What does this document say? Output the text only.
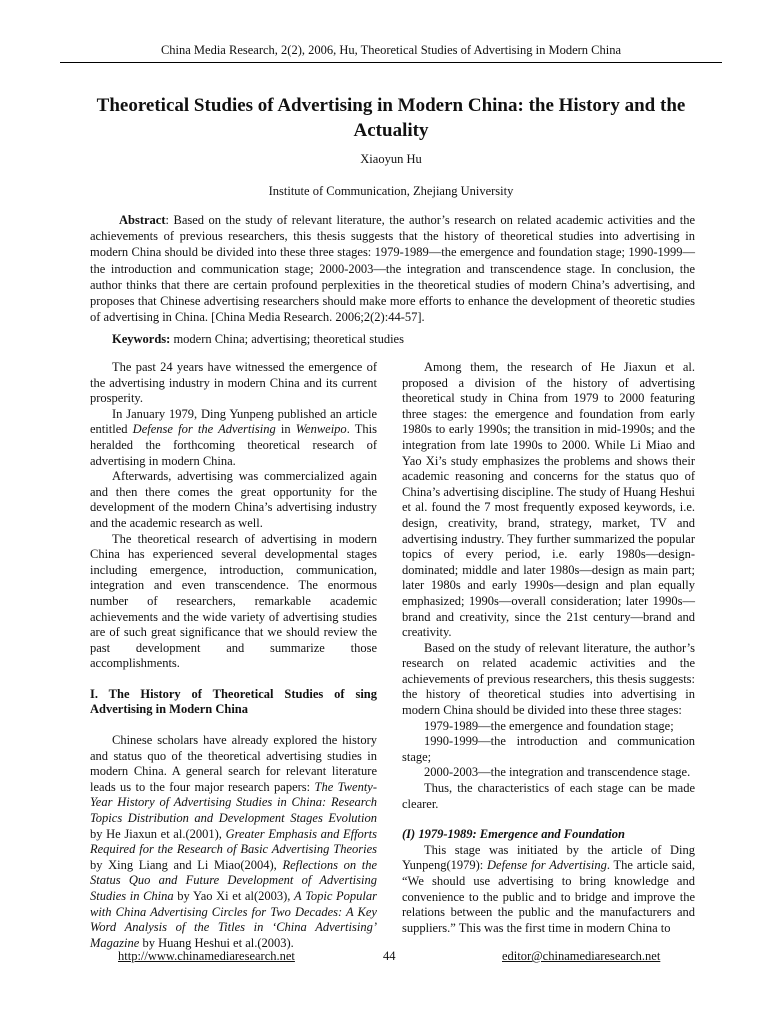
China Media Research, 2(2), 2006, Hu, Theoretical Studies of Advertising in Modern China
Theoretical Studies of Advertising in Modern China: the History and the Actuality
Xiaoyun Hu
Institute of Communication, Zhejiang University

Abstract: Based on the study of relevant literature, the author’s research on related academic activities and the achievements of previous researchers, this thesis suggests that the history of theoretical studies into advertising in modern China should be divided into these three stages: 1979-1989—the emergence and foundation stage; 1990-1999—the introduction and communication stage; 2000-2003—the integration and transcendence stage. In conclusion, the author thinks that there are certain profound perplexities in the theoretical studies of modern China’s advertising, and proposes that Chinese advertising researchers should make more efforts to enhance the development of theoretic studies of advertising in China. [China Media Research. 2006;2(2):44-57].

Keywords: modern China; advertising; theoretical studies

The past 24 years have witnessed the emergence of the advertising industry in modern China and its current prosperity.

In January 1979, Ding Yunpeng published an article entitled Defense for the Advertising in Wenweipo. This heralded the forthcoming theoretical research of advertising in modern China.

Afterwards, advertising was commercialized again and then there comes the great opportunity for the development of the modern China’s advertising industry and the academic research as well.

The theoretical research of advertising in modern China has experienced several developmental stages including emergence, introduction, communication, integration and even transcendence. The enormous number of researchers, remarkable academic achievements and the wide variety of advertising studies are of such great significance that we should review the past development and summarize those accomplishments.

I. The History of Theoretical Studies of sing Advertising in Modern China

Chinese scholars have already explored the history and status quo of the theoretical advertising studies in modern China. A general search for relevant literature leads us to the four major research papers: The Twenty-Year History of Advertising Studies in China: Research Topics Distribution and Development Stages Evolution by He Jiaxun et al.(2001), Greater Emphasis and Efforts Required for the Research of Basic Advertising Theories by Xing Liang and Li Miao(2004), Reflections on the Status Quo and Future Development of Advertising Studies in China by Yao Xi et al(2003), A Topic Popular with China Advertising Circles for Two Decades: A Key Word Analysis of the Titles in ‘China Advertising’ Magazine by Huang Heshui et al.(2003).

Among them, the research of He Jiaxun et al. proposed a division of the history of advertising theoretical study in China from 1979 to 2000 featuring three stages: the emergence and foundation from early 1980s to early 1990s; the transition in mid-1990s; and the integration from late 1990s to 2000. While Li Miao and Yao Xi’s study emphasizes the problems and shows their academic reasoning and concerns for the status quo of China’s advertising discipline. The study of Huang Heshui et al. found the 7 most frequently exposed keywords, i.e. design, creativity, brand, strategy, market, TV and advertising industry. They further summarized the popular topics of every period, i.e. early 1980s—design-dominated; middle and later 1980s—design as main part; later 1980s and early 1990s—design and plan equally emphasized; 1990s—overall consideration; later 1990s—brand and creativity, since the 21st century—brand and creativity.

Based on the study of relevant literature, the author’s research on related academic activities and the achievements of previous researchers, this thesis suggests: the history of theoretical studies into advertising in modern China should be divided into these three stages:

1979-1989—the emergence and foundation stage;

1990-1999—the introduction and communication stage;

2000-2003—the integration and transcendence stage.

Thus, the characteristics of each stage can be made clearer.

(I) 1979-1989: Emergence and Foundation

This stage was initiated by the article of Ding Yunpeng(1979): Defense for Advertising. The article said, “We should use advertising to bring knowledge and convenience to the public and to bridge and improve the relations between the public and the manufacturers and suppliers.” This was the first time in modern China to

http://www.chinamediaresearch.net	44	editor@chinamediaresearch.net
